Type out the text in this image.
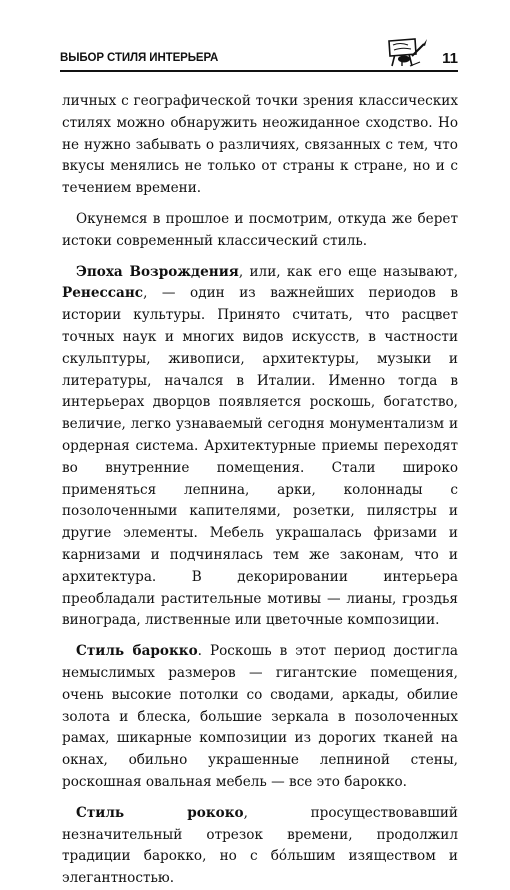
ВЫБОР СТИЛЯ ИНТЕРЬЕРА	11

личных с географической точки зрения классических стилях можно обнаружить неожиданное сходство. Но не нужно забывать о различиях, связанных с тем, что вкусы менялись не только от страны к стране, но и с течением времени.

Окунемся в прошлое и посмотрим, откуда же берет истоки современный классический стиль.

Эпоха Возрождения, или, как его еще называют, Ренессанс, — один из важнейших периодов в истории культуры. Принято считать, что расцвет точных наук и многих видов искусств, в частности скульптуры, живописи, архитектуры, музыки и литературы, начался в Италии. Именно тогда в интерьерах дворцов появляется роскошь, богатство, величие, легко узнаваемый сегодня монументализм и ордерная система. Архитектурные приемы переходят во внутренние помещения. Стали широко применяться лепнина, арки, колоннады с позолоченными капителями, розетки, пилястры и другие элементы. Мебель украшалась фризами и карнизами и подчинялась тем же законам, что и архитектура. В декорировании интерьера преобладали растительные мотивы — лианы, гроздья винограда, лиственные или цветочные композиции.

Стиль барокко. Роскошь в этот период достигла немыслимых размеров — гигантские помещения, очень высокие потолки со сводами, аркады, обилие золота и блеска, большие зеркала в позолоченных рамах, шикарные композиции из дорогих тканей на окнах, обильно украшенные лепниной стены, роскошная овальная мебель — все это барокко.

Стиль рококо, просуществовавший незначительный отрезок времени, продолжил традиции барокко, но с бóльшим изяществом и элегантностью.
